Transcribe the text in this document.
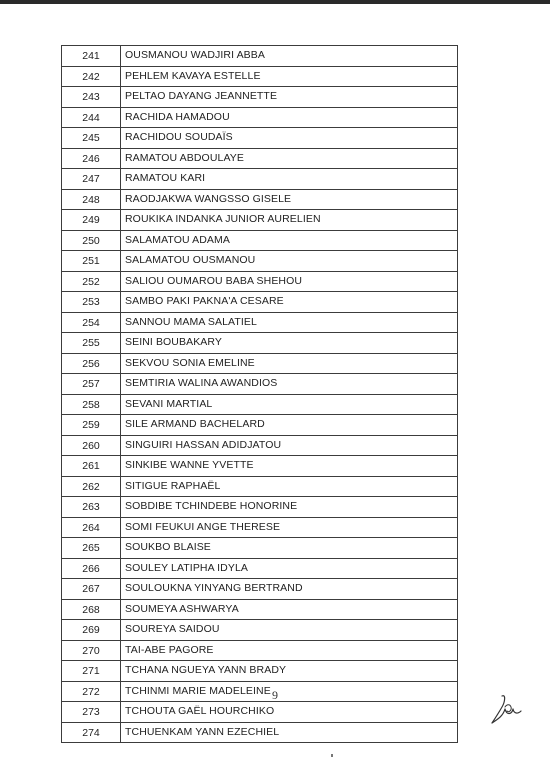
241	OUSMANOU WADJIRI ABBA
242	PEHLEM KAVAYA ESTELLE
243	PELTAO DAYANG JEANNETTE
244	RACHIDA HAMADOU
245	RACHIDOU SOUDAÏS
246	RAMATOU ABDOULAYE
247	RAMATOU KARI
248	RAODJAKWA WANGSSO GISELE
249	ROUKIKA INDANKA JUNIOR AURELIEN
250	SALAMATOU ADAMA
251	SALAMATOU OUSMANOU
252	SALIOU OUMAROU BABA SHEHOU
253	SAMBO PAKI PAKNA'A CESARE
254	SANNOU MAMA SALATIEL
255	SEINI BOUBAKARY
256	SEKVOU SONIA EMELINE
257	SEMTIRIA WALINA AWANDIOS
258	SEVANI MARTIAL
259	SILE ARMAND BACHELARD
260	SINGUIRI HASSAN ADIDJATOU
261	SINKIBE WANNE YVETTE
262	SITIGUE RAPHAËL
263	SOBDIBE TCHINDEBE HONORINE
264	SOMI FEUKUI ANGE THERESE
265	SOUKBO BLAISE
266	SOULEY LATIPHA IDYLA
267	SOULOUKNA YINYANG BERTRAND
268	SOUMEYA ASHWARYA
269	SOUREYA SAIDOU
270	TAI-ABE PAGORE
271	TCHANA NGUEYA YANN BRADY
272	TCHINMI MARIE MADELEINE
273	TCHOUTA GAËL HOURCHIKO
274	TCHUENKAM YANN EZECHIEL
9
